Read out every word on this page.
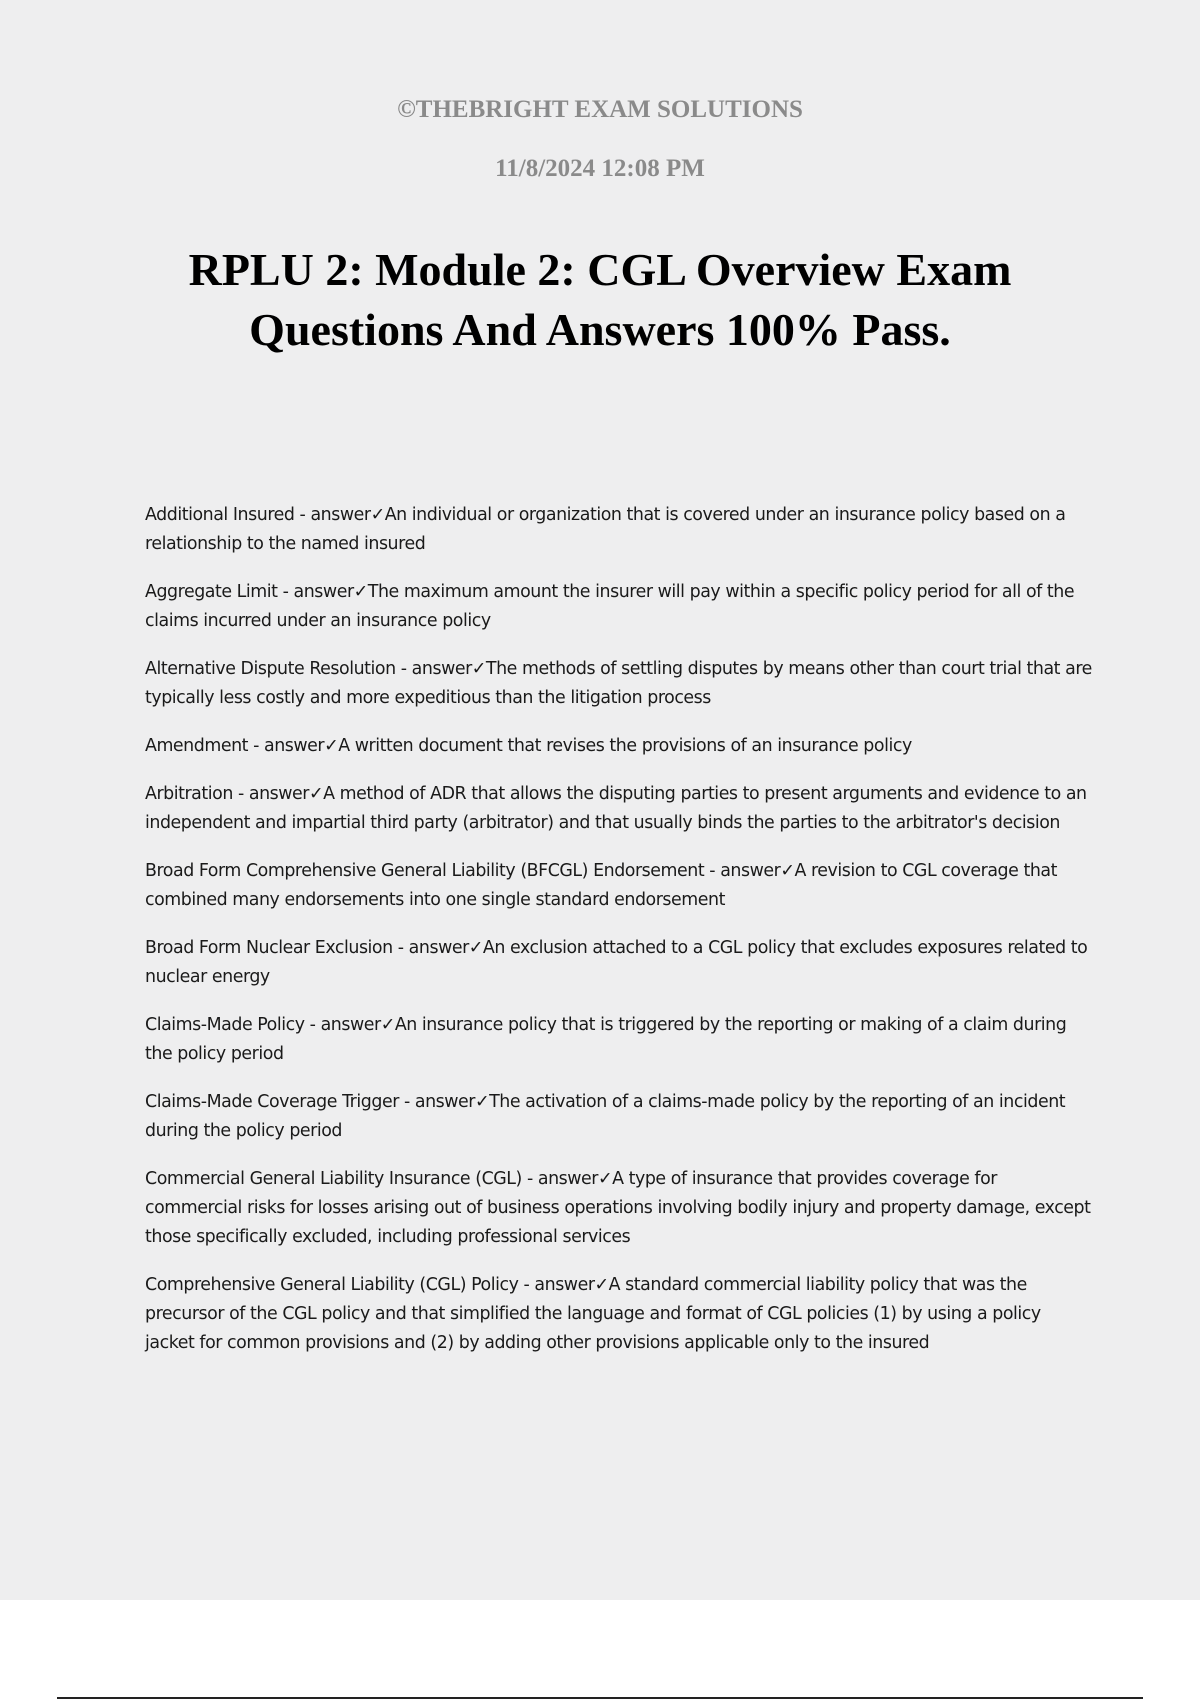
©THEBRIGHT EXAM SOLUTIONS
11/8/2024 12:08 PM
RPLU 2: Module 2: CGL Overview Exam Questions And Answers 100% Pass.

Additional Insured - answer✓An individual or organization that is covered under an insurance policy based on a relationship to the named insured

Aggregate Limit - answer✓The maximum amount the insurer will pay within a specific policy period for all of the claims incurred under an insurance policy

Alternative Dispute Resolution - answer✓The methods of settling disputes by means other than court trial that are typically less costly and more expeditious than the litigation process

Amendment - answer✓A written document that revises the provisions of an insurance policy

Arbitration - answer✓A method of ADR that allows the disputing parties to present arguments and evidence to an independent and impartial third party (arbitrator) and that usually binds the parties to the arbitrator's decision

Broad Form Comprehensive General Liability (BFCGL) Endorsement - answer✓A revision to CGL coverage that combined many endorsements into one single standard endorsement

Broad Form Nuclear Exclusion - answer✓An exclusion attached to a CGL policy that excludes exposures related to nuclear energy

Claims-Made Policy - answer✓An insurance policy that is triggered by the reporting or making of a claim during the policy period

Claims-Made Coverage Trigger - answer✓The activation of a claims-made policy by the reporting of an incident during the policy period

Commercial General Liability Insurance (CGL) - answer✓A type of insurance that provides coverage for commercial risks for losses arising out of business operations involving bodily injury and property damage, except those specifically excluded, including professional services

Comprehensive General Liability (CGL) Policy - answer✓A standard commercial liability policy that was the precursor of the CGL policy and that simplified the language and format of CGL policies (1) by using a policy jacket for common provisions and (2) by adding other provisions applicable only to the insured
